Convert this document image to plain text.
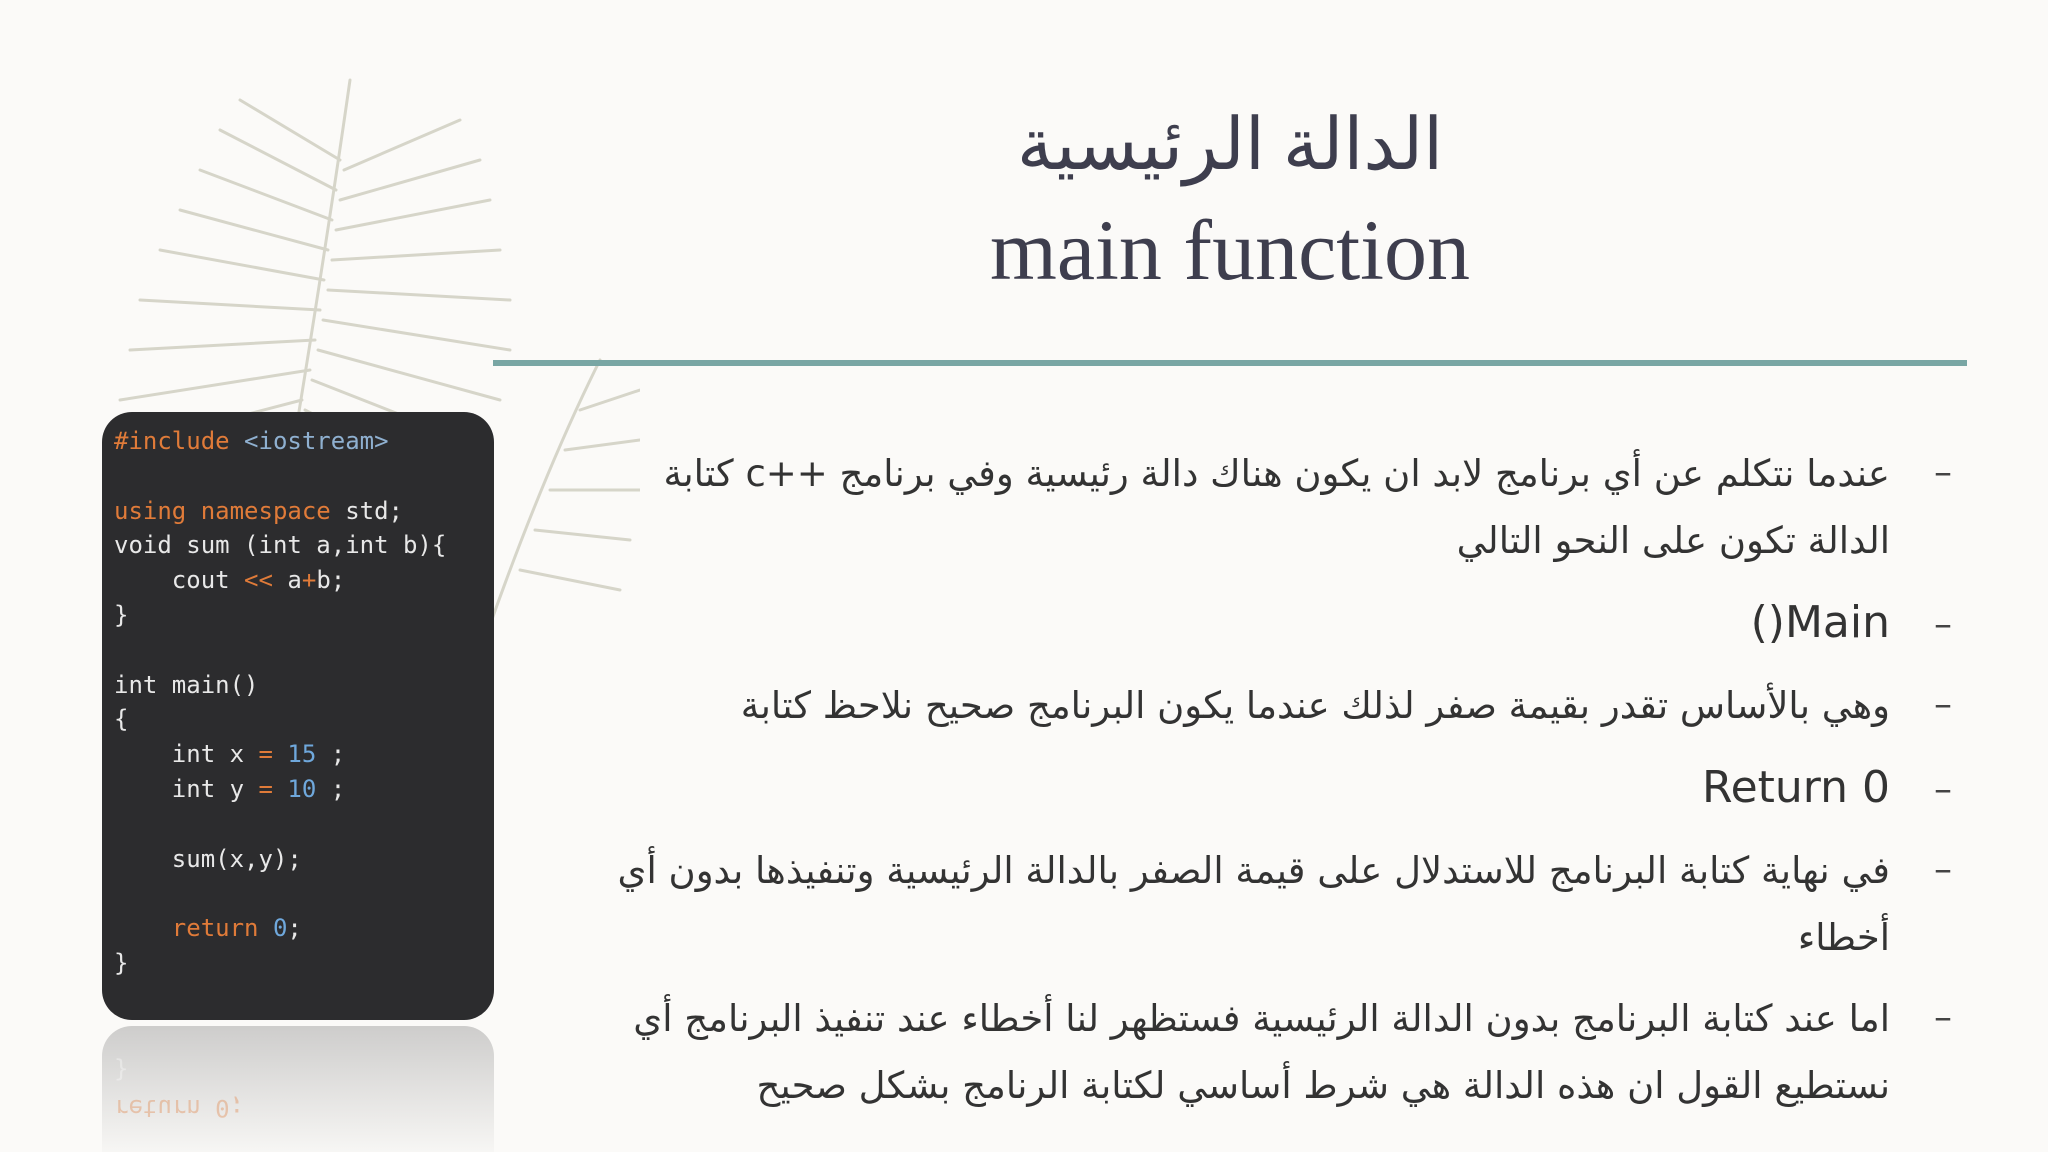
الدالة الرئيسية
main function
#include <iostream>

using namespace std;
void sum (int a,int b){
cout << a+b;
}

int main()
{
int x = 15 ;
int y = 10 ;

sum(x,y);

return 0;
}
}
return 0;
–
عندما نتكلم عن أي برنامج لابد ان يكون هناك دالة رئيسية وفي برنامج ++c كتابة
الدالة تكون على النحو التالي
–
Main()
–
وهي بالأساس تقدر بقيمة صفر لذلك عندما يكون البرنامج صحيح نلاحظ كتابة
–
Return 0
–
في نهاية كتابة البرنامج للاستدلال على قيمة الصفر بالدالة الرئيسية وتنفيذها بدون أي
أخطاء
–
اما عند كتابة البرنامج بدون الدالة الرئيسية فستظهر لنا أخطاء عند تنفيذ البرنامج أي
نستطيع القول ان هذه الدالة هي شرط أساسي لكتابة الرنامج بشكل صحيح
